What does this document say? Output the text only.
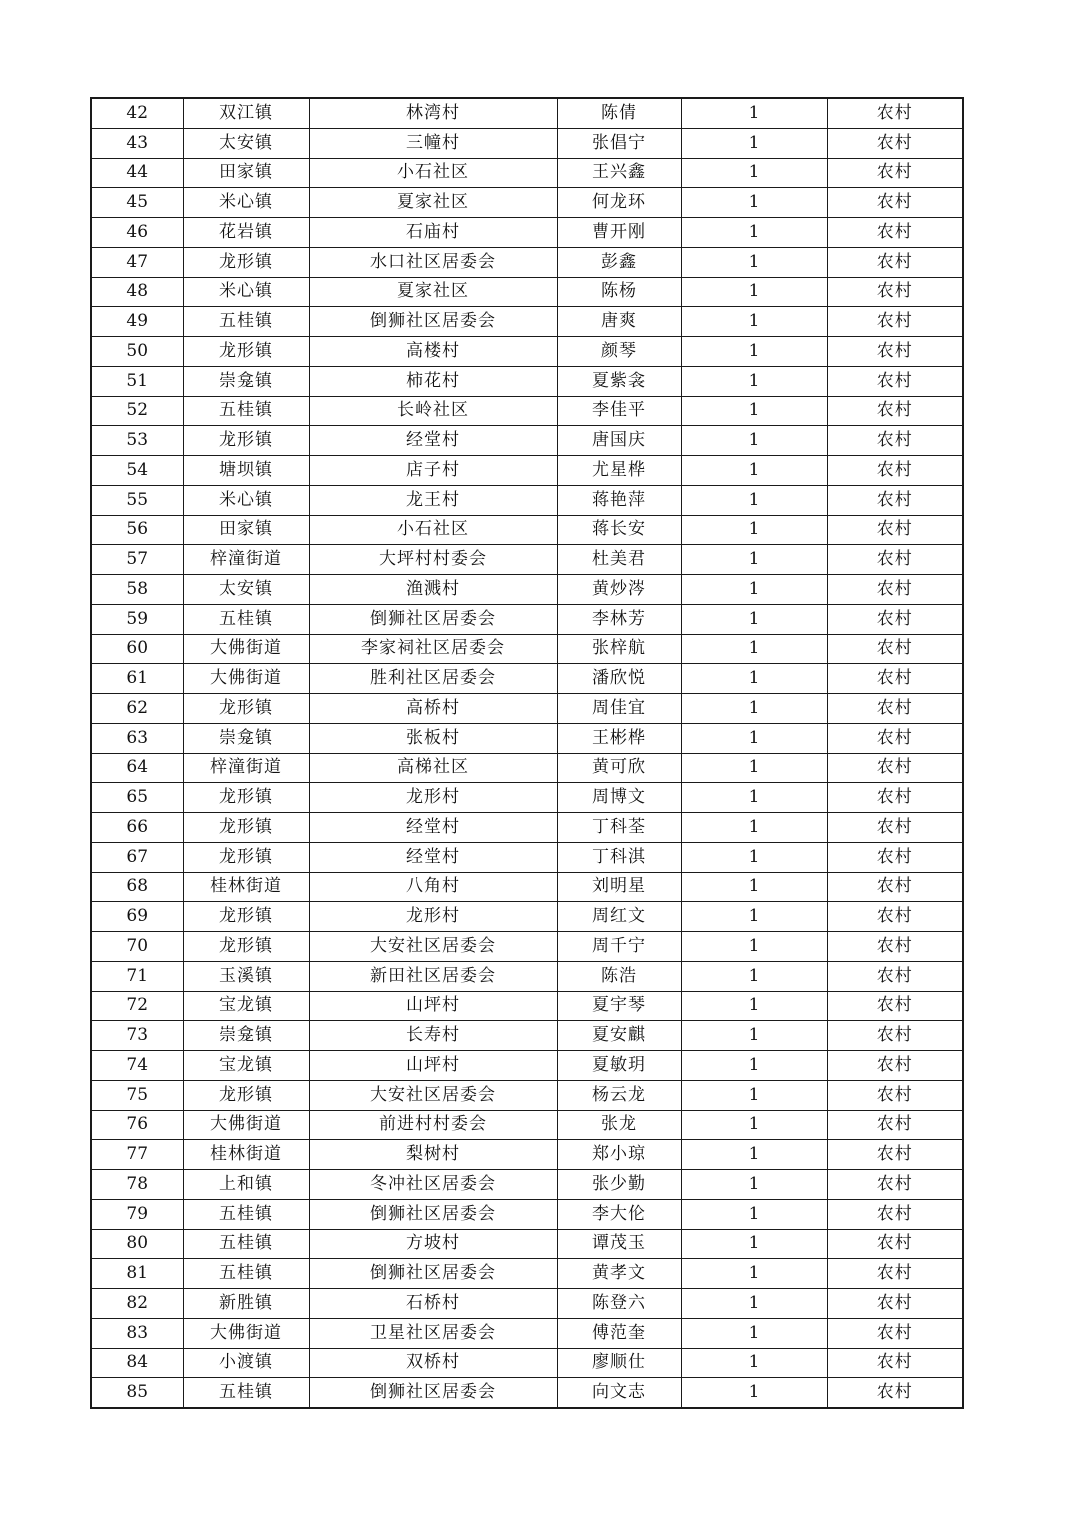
42	双江镇	林湾村	陈倩	1	农村
43	太安镇	三幢村	张倡宁	1	农村
44	田家镇	小石社区	王兴鑫	1	农村
45	米心镇	夏家社区	何龙环	1	农村
46	花岩镇	石庙村	曹开刚	1	农村
47	龙形镇	水口社区居委会	彭鑫	1	农村
48	米心镇	夏家社区	陈杨	1	农村
49	五桂镇	倒狮社区居委会	唐爽	1	农村
50	龙形镇	高楼村	颜琴	1	农村
51	崇龛镇	柿花村	夏紫衾	1	农村
52	五桂镇	长岭社区	李佳平	1	农村
53	龙形镇	经堂村	唐国庆	1	农村
54	塘坝镇	店子村	尤星桦	1	农村
55	米心镇	龙王村	蒋艳萍	1	农村
56	田家镇	小石社区	蒋长安	1	农村
57	梓潼街道	大坪村村委会	杜美君	1	农村
58	太安镇	渔溅村	黄炒涔	1	农村
59	五桂镇	倒狮社区居委会	李林芳	1	农村
60	大佛街道	李家祠社区居委会	张梓航	1	农村
61	大佛街道	胜利社区居委会	潘欣悦	1	农村
62	龙形镇	高桥村	周佳宜	1	农村
63	崇龛镇	张板村	王彬桦	1	农村
64	梓潼街道	高梯社区	黄可欣	1	农村
65	龙形镇	龙形村	周博文	1	农村
66	龙形镇	经堂村	丁科荃	1	农村
67	龙形镇	经堂村	丁科淇	1	农村
68	桂林街道	八角村	刘明星	1	农村
69	龙形镇	龙形村	周红文	1	农村
70	龙形镇	大安社区居委会	周千宁	1	农村
71	玉溪镇	新田社区居委会	陈浩	1	农村
72	宝龙镇	山坪村	夏宇琴	1	农村
73	崇龛镇	长寿村	夏安麒	1	农村
74	宝龙镇	山坪村	夏敏玥	1	农村
75	龙形镇	大安社区居委会	杨云龙	1	农村
76	大佛街道	前进村村委会	张龙	1	农村
77	桂林街道	梨树村	郑小琼	1	农村
78	上和镇	冬冲社区居委会	张少勤	1	农村
79	五桂镇	倒狮社区居委会	李大伦	1	农村
80	五桂镇	方坡村	谭茂玉	1	农村
81	五桂镇	倒狮社区居委会	黄孝文	1	农村
82	新胜镇	石桥村	陈登六	1	农村
83	大佛街道	卫星社区居委会	傅范奎	1	农村
84	小渡镇	双桥村	廖顺仕	1	农村
85	五桂镇	倒狮社区居委会	向文志	1	农村
